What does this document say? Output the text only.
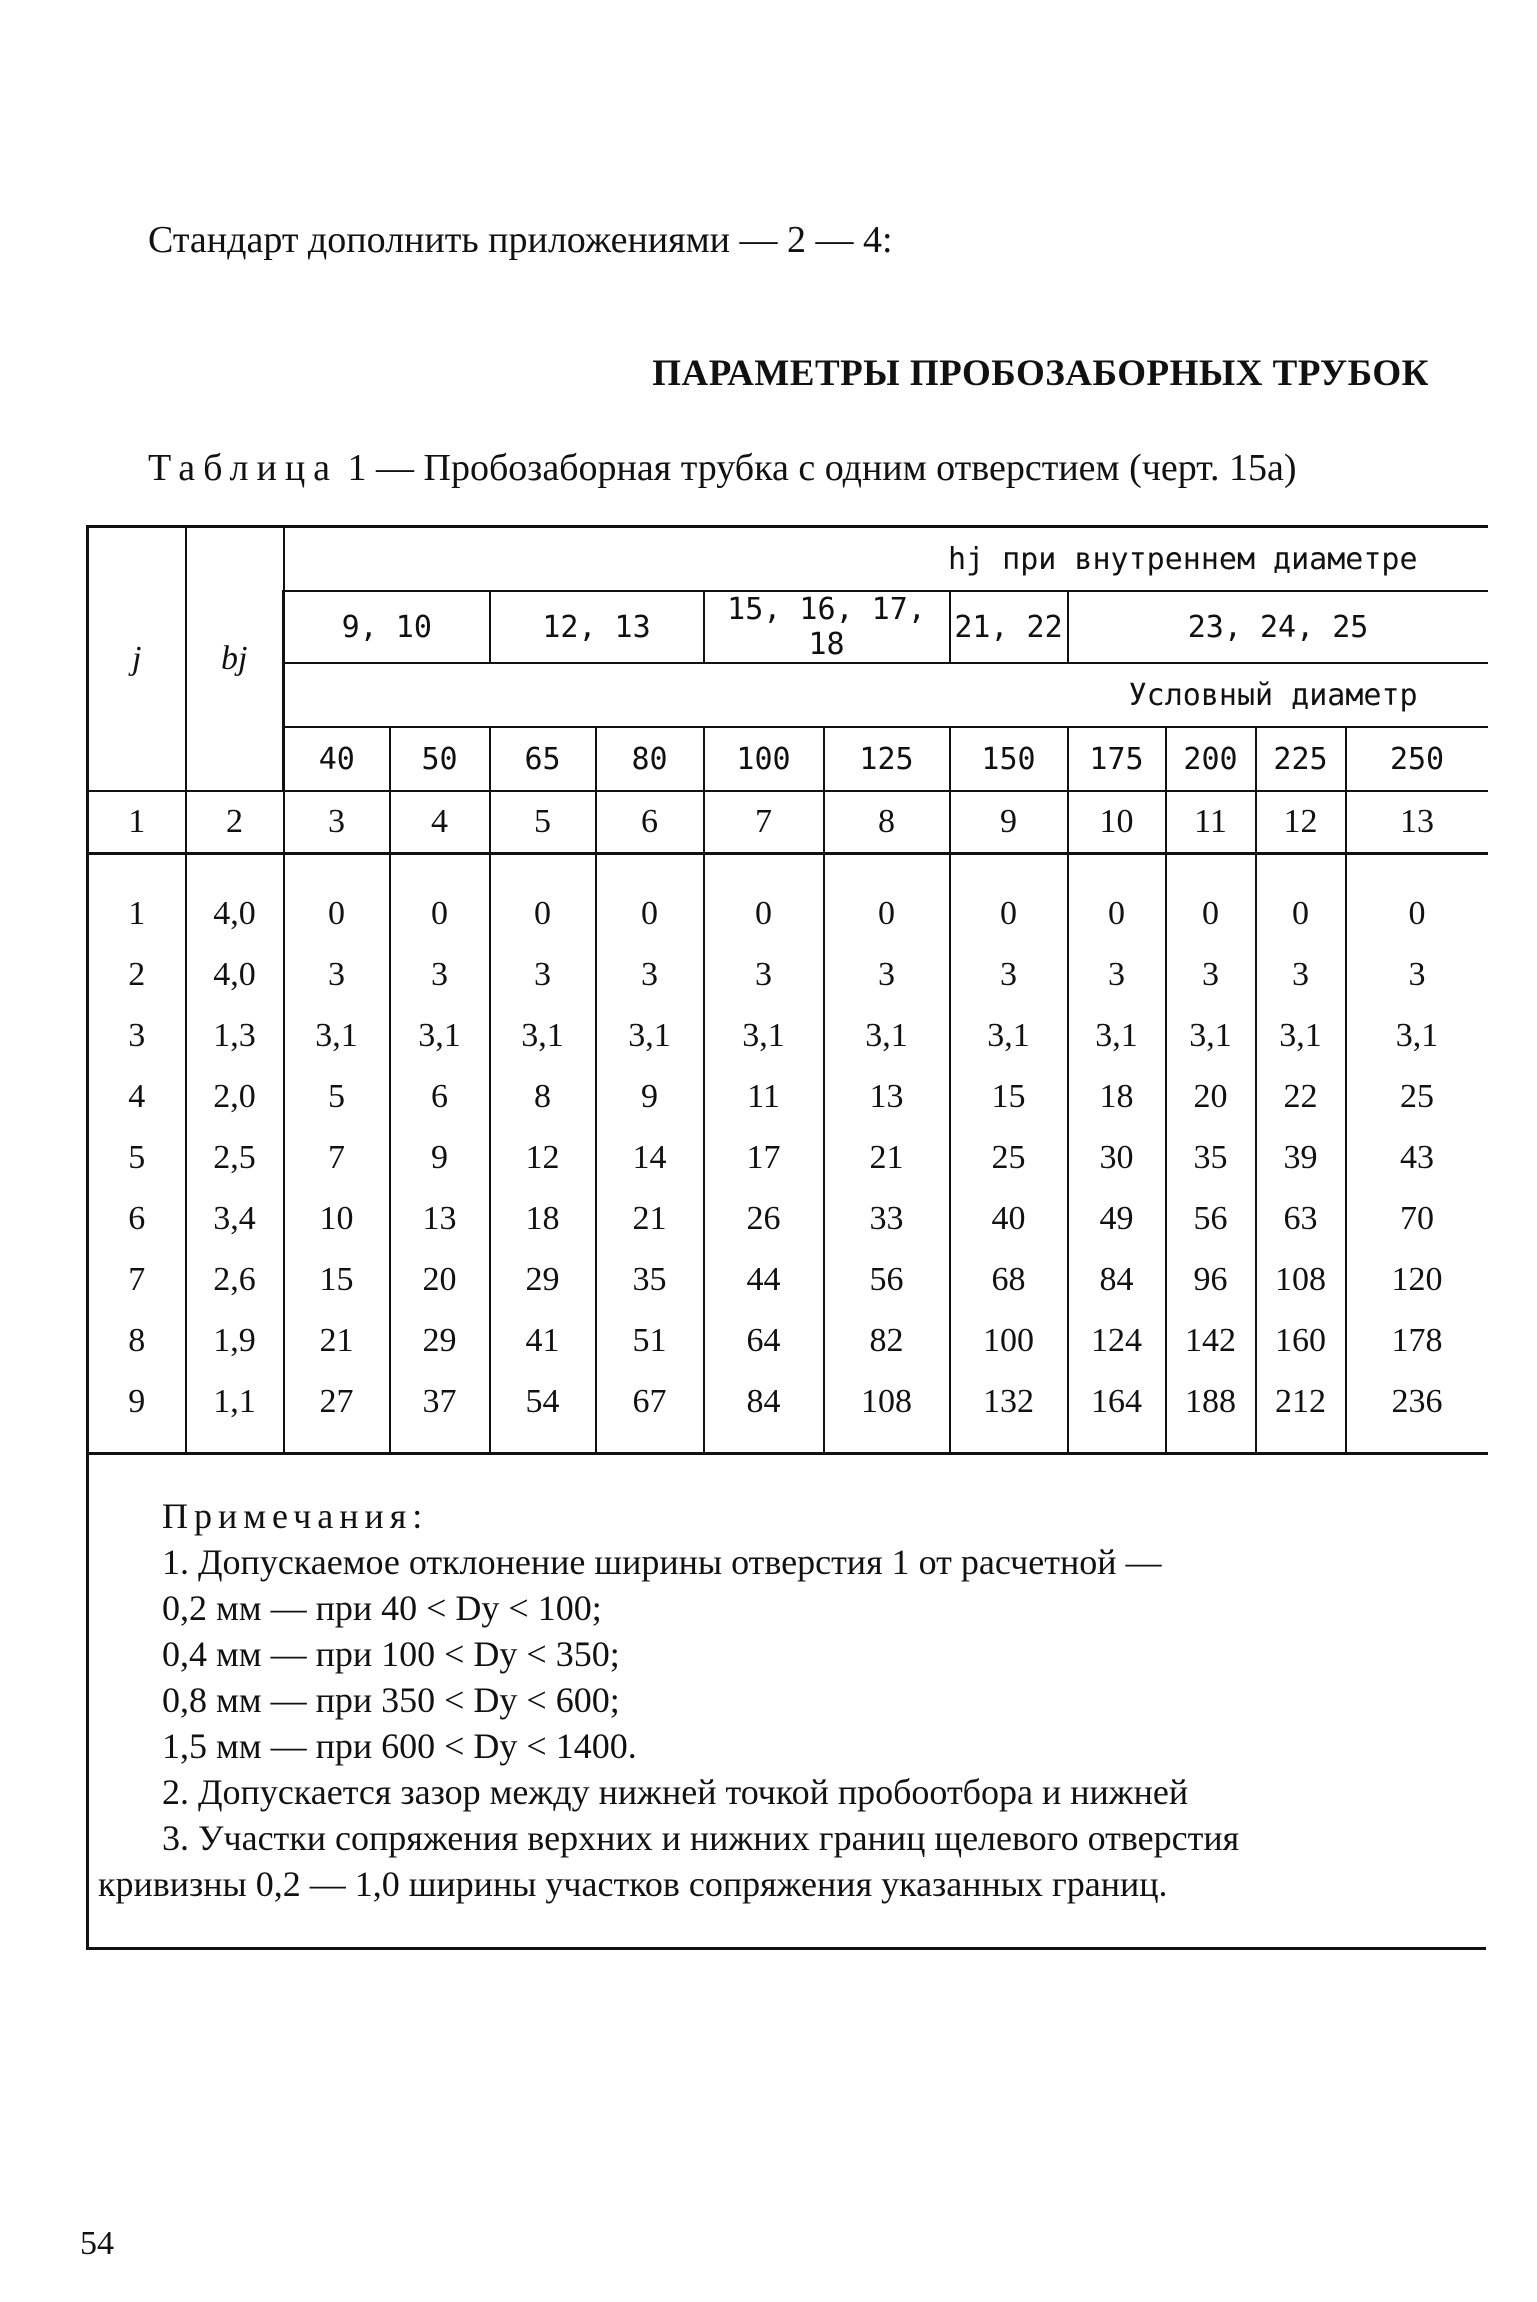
Стандарт дополнить приложениями — 2 — 4:
ПАРАМЕТРЫ ПРОБОЗАБОРНЫХ ТРУБОК
Таблица 1 — Пробозаборная трубка с одним отверстием (черт. 15а)
j	bj	hj при внутреннем диаметре										
		9, 10		12, 13		15, 16, 17, 18		21, 22	23, 24, 25			
		Условный диаметр										
		40	50	65	80	100	125	150	175	200	225	250
1	2	3	4	5	6	7	8	9	10	11	12	13
1	4,0	0	0	0	0	0	0	0	0	0	0	0
2	4,0	3	3	3	3	3	3	3	3	3	3	3
3	1,3	3,1	3,1	3,1	3,1	3,1	3,1	3,1	3,1	3,1	3,1	3,1
4	2,0	5	6	8	9	11	13	15	18	20	22	25
5	2,5	7	9	12	14	17	21	25	30	35	39	43
6	3,4	10	13	18	21	26	33	40	49	56	63	70
7	2,6	15	20	29	35	44	56	68	84	96	108	120
8	1,9	21	29	41	51	64	82	100	124	142	160	178
9	1,1	27	37	54	67	84	108	132	164	188	212	236
Примечания:
1. Допускаемое отклонение ширины отверстия 1 от расчетной —
0,2 мм — при 40 < Dy < 100;
0,4 мм — при 100 < Dy < 350;
0,8 мм — при 350 < Dy < 600;
1,5 мм — при 600 < Dy < 1400.
2. Допускается зазор между нижней точкой пробоотбора и нижней
3. Участки сопряжения верхних и нижних границ щелевого отверстия
кривизны 0,2 — 1,0 ширины участков сопряжения указанных границ.
54
